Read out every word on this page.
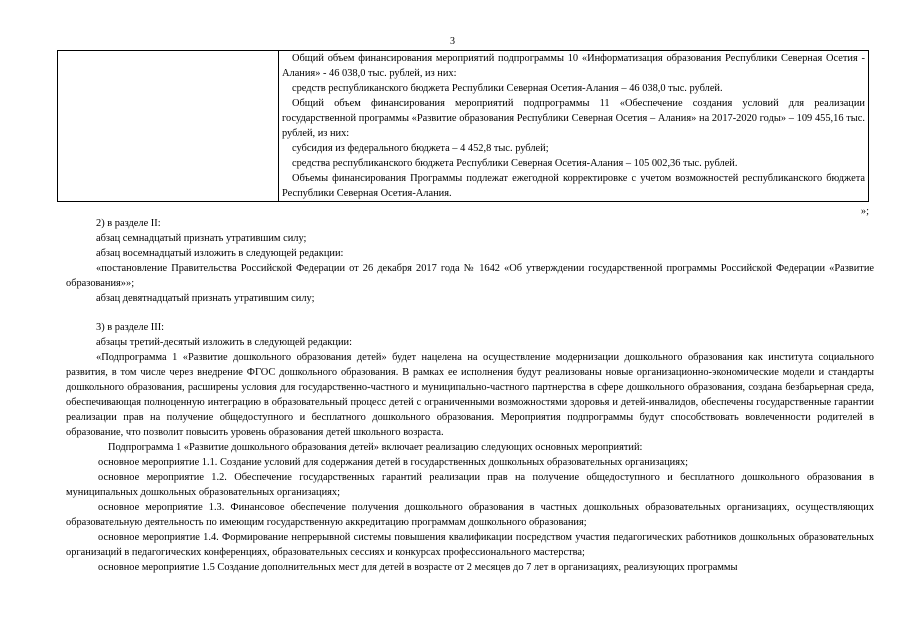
3

Общий объем финансирования мероприятий подпрограммы 10 «Информатизация образования Республики Северная Осетия - Алания» - 46 038,0 тыс. рублей, из них:

средств республиканского бюджета Республики Северная Осетия-Алания – 46 038,0 тыс. рублей.

Общий объем финансирования мероприятий подпрограммы 11 «Обеспечение создания условий для реализации государственной программы «Развитие образования Республики Северная Осетия – Алания» на 2017-2020 годы» – 109 455,16 тыс. рублей, из них:

субсидия из федерального бюджета – 4 452,8 тыс. рублей;

средства республиканского бюджета Республики Северная Осетия-Алания – 105 002,36 тыс. рублей.

Объемы финансирования Программы подлежат ежегодной корректировке с учетом возможностей республиканского бюджета Республики Северная Осетия-Алания.

»;

2) в разделе II:

абзац семнадцатый признать утратившим силу;

абзац восемнадцатый изложить в следующей редакции:

«постановление Правительства Российской Федерации от 26 декабря 2017 года № 1642 «Об утверждении государственной программы Российской Федерации «Развитие образования»»;

абзац девятнадцатый признать утратившим силу;

3) в разделе III:

абзацы третий-десятый изложить в следующей редакции:

«Подпрограмма 1 «Развитие дошкольного образования детей» будет нацелена на осуществление модернизации дошкольного образования как института социального развития, в том числе через внедрение ФГОС дошкольного образования. В рамках ее исполнения будут реализованы новые организационно-экономические модели и стандарты дошкольного образования, расширены условия для государственно-частного и муниципально-частного партнерства в сфере дошкольного образования, создана безбарьерная среда, обеспечивающая полноценную интеграцию в образовательный процесс детей с ограниченными возможностями здоровья и детей-инвалидов, обеспечены государственные гарантии реализации прав на получение общедоступного и бесплатного дошкольного образования. Мероприятия подпрограммы будут способствовать вовлеченности родителей в образование, что позволит повысить уровень образования детей школьного возраста.

Подпрограмма 1 «Развитие дошкольного образования детей» включает реализацию следующих основных мероприятий:

основное мероприятие 1.1. Создание условий для содержания детей в государственных дошкольных образовательных организациях;

основное мероприятие 1.2. Обеспечение государственных гарантий реализации прав на получение общедоступного и бесплатного дошкольного образования в муниципальных дошкольных образовательных организациях;

основное мероприятие 1.3. Финансовое обеспечение получения дошкольного образования в частных дошкольных образовательных организациях, осуществляющих образовательную деятельность по имеющим государственную аккредитацию программам дошкольного образования;

основное мероприятие 1.4. Формирование непрерывной системы повышения квалификации посредством участия педагогических работников дошкольных образовательных организаций в педагогических конференциях, образовательных сессиях и конкурсах профессионального мастерства;

основное мероприятие 1.5 Создание дополнительных мест для детей в возрасте от 2 месяцев до 7 лет в организациях, реализующих программы
